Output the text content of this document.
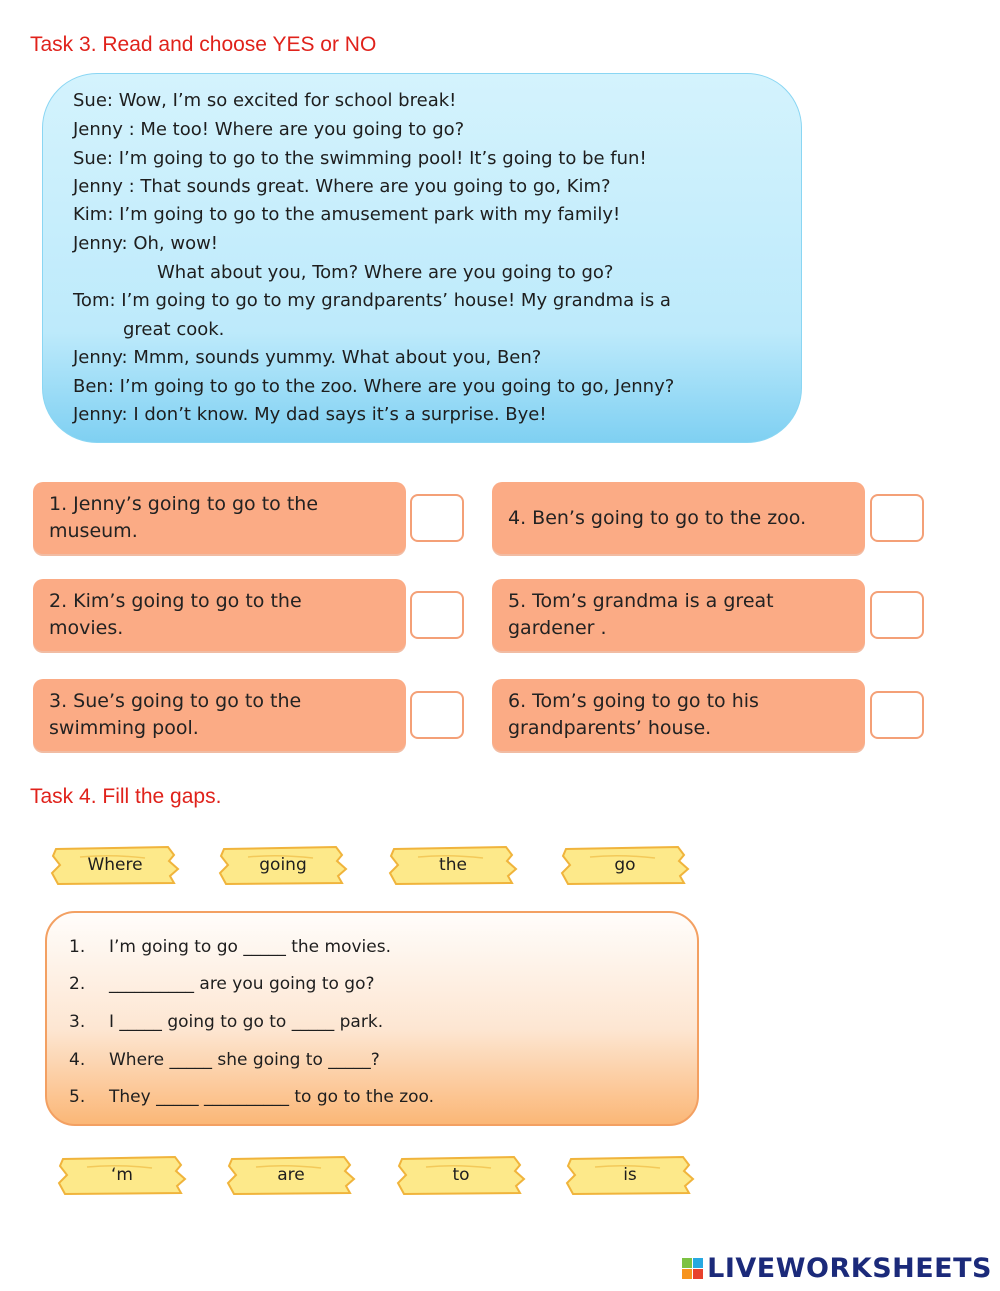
Task 3. Read and choose YES or NO
Sue: Wow, I’m so excited for school break!
Jenny : Me too! Where are you going to go?
Sue: I’m going to go to the swimming pool! It’s going to be fun!
Jenny : That sounds great. Where are you going to go, Kim?
Kim: I’m going to go to the amusement park with my family!
Jenny: Oh, wow!
What about you, Tom? Where are you going to go?
Tom: I’m going to go to my grandparents’ house! My grandma is a
great cook.
Jenny: Mmm, sounds yummy. What about you, Ben?
Ben: I’m going to go to the zoo. Where are you going to go, Jenny?
Jenny: I don’t know. My dad says it’s a surprise. Bye!
1. Jenny’s going to go to the
museum.
2. Kim’s going to go to the
movies.
3. Sue’s going to go to the
swimming pool.
4. Ben’s going to go to the zoo.
5. Tom’s grandma is a great
gardener .
6. Tom’s going to go to his
grandparents’ house.
Task 4. Fill the gaps.
Where	going	the	go
1. I’m going to go _____ the movies.
2. __________ are you going to go?
3. I _____ going to go to _____ park.
4. Where _____ she going to _____?
5. They _____ __________ to go to the zoo.
‘m	are	to	is
LIVEWORKSHEETS
